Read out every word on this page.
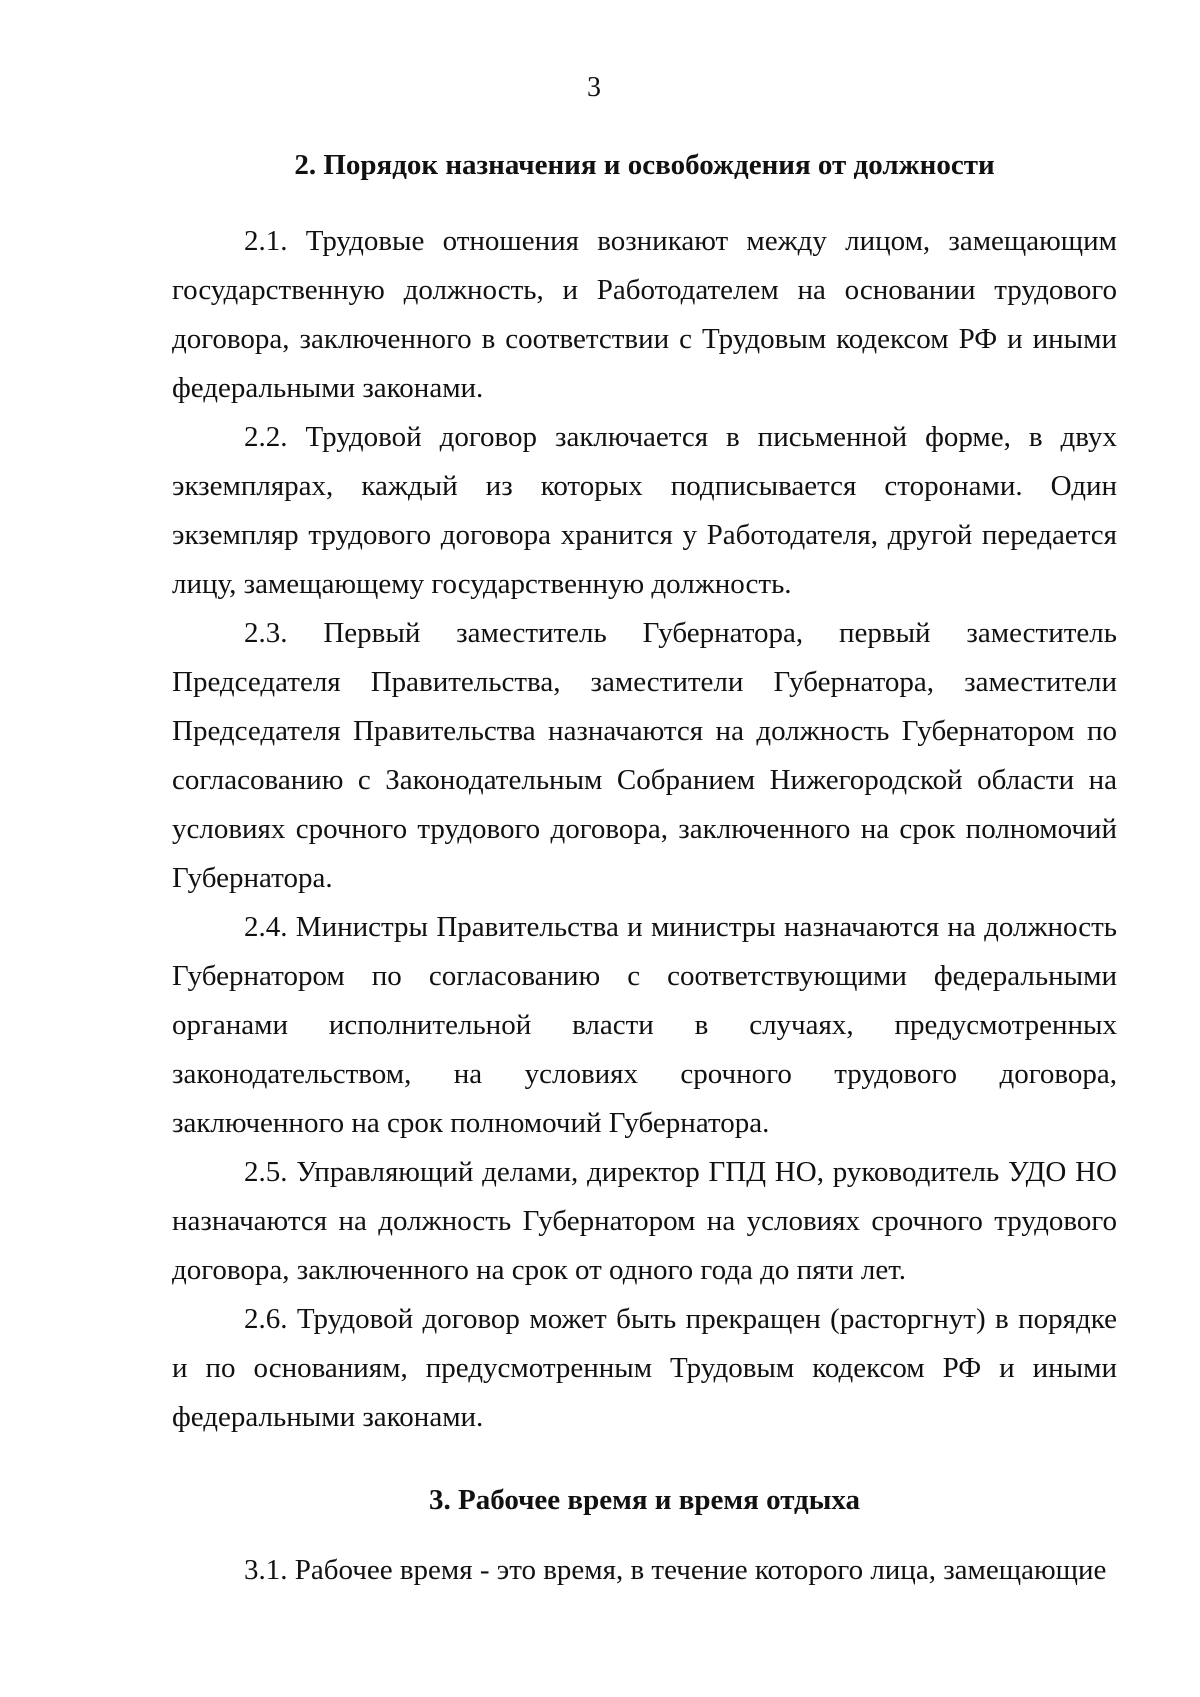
3
2. Порядок назначения и освобождения от должности

2.1. Трудовые отношения возникают между лицом, замещающим государственную должность, и Работодателем на основании трудового договора, заключенного в соответствии с Трудовым кодексом РФ и иными федеральными законами.

2.2. Трудовой договор заключается в письменной форме, в двух экземплярах, каждый из которых подписывается сторонами. Один экземпляр трудового договора хранится у Работодателя, другой передается лицу, замещающему государственную должность.

2.3. Первый заместитель Губернатора, первый заместитель Председателя Правительства, заместители Губернатора, заместители Председателя Правительства назначаются на должность Губернатором по согласованию с Законодательным Собранием Нижегородской области на условиях срочного трудового договора, заключенного на срок полномочий Губернатора.

2.4. Министры Правительства и министры назначаются на должность Губернатором по согласованию с соответствующими федеральными органами исполнительной власти в случаях, предусмотренных законодательством, на условиях срочного трудового договора, заключенного на срок полномочий Губернатора.

2.5. Управляющий делами, директор ГПД НО, руководитель УДО НО назначаются на должность Губернатором на условиях срочного трудового договора, заключенного на срок от одного года до пяти лет.

2.6. Трудовой договор может быть прекращен (расторгнут) в порядке и по основаниям, предусмотренным Трудовым кодексом РФ и иными федеральными законами.

3. Рабочее время и время отдыха

3.1. Рабочее время - это время, в течение которого лица, замещающие
